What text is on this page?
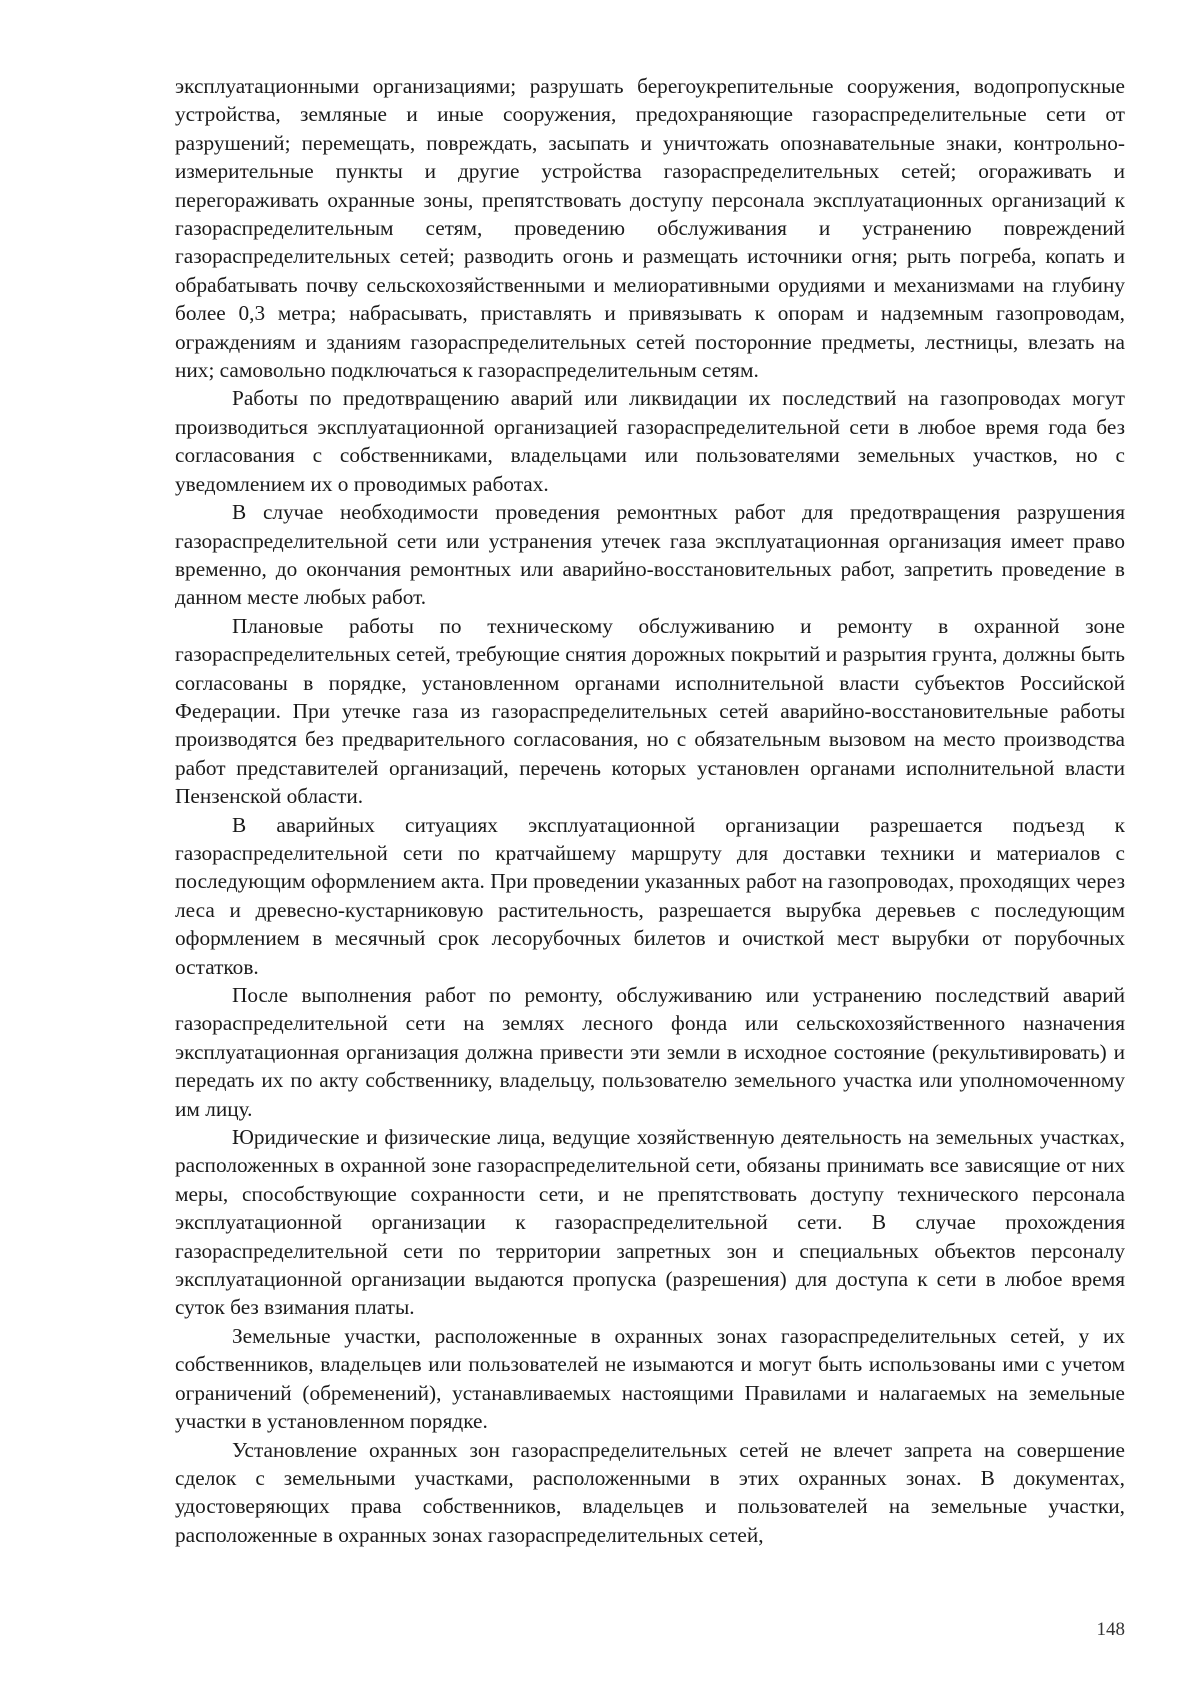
эксплуатационными организациями; разрушать берегоукрепительные сооружения, водопропускные устройства, земляные и иные сооружения, предохраняющие газораспределительные сети от разрушений; перемещать, повреждать, засыпать и уничтожать опознавательные знаки, контрольно-измерительные пункты и другие устройства газораспределительных сетей; огораживать и перегораживать охранные зоны, препятствовать доступу персонала эксплуатационных организаций к газораспределительным сетям, проведению обслуживания и устранению повреждений газораспределительных сетей; разводить огонь и размещать источники огня; рыть погреба, копать и обрабатывать почву сельскохозяйственными и мелиоративными орудиями и механизмами на глубину более 0,3 метра; набрасывать, приставлять и привязывать к опорам и надземным газопроводам, ограждениям и зданиям газораспределительных сетей посторонние предметы, лестницы, влезать на них; самовольно подключаться к газораспределительным сетям.

Работы по предотвращению аварий или ликвидации их последствий на газопроводах могут производиться эксплуатационной организацией газораспределительной сети в любое время года без согласования с собственниками, владельцами или пользователями земельных участков, но с уведомлением их о проводимых работах.

В случае необходимости проведения ремонтных работ для предотвращения разрушения газораспределительной сети или устранения утечек газа эксплуатационная организация имеет право временно, до окончания ремонтных или аварийно-восстановительных работ, запретить проведение в данном месте любых работ.

Плановые работы по техническому обслуживанию и ремонту в охранной зоне газораспределительных сетей, требующие снятия дорожных покрытий и разрытия грунта, должны быть согласованы в порядке, установленном органами исполнительной власти субъектов Российской Федерации. При утечке газа из газораспределительных сетей аварийно-восстановительные работы производятся без предварительного согласования, но с обязательным вызовом на место производства работ представителей организаций, перечень которых установлен органами исполнительной власти Пензенской области.

В аварийных ситуациях эксплуатационной организации разрешается подъезд к газораспределительной сети по кратчайшему маршруту для доставки техники и материалов с последующим оформлением акта. При проведении указанных работ на газопроводах, проходящих через леса и древесно-кустарниковую растительность, разрешается вырубка деревьев с последующим оформлением в месячный срок лесорубочных билетов и очисткой мест вырубки от порубочных остатков.

После выполнения работ по ремонту, обслуживанию или устранению последствий аварий газораспределительной сети на землях лесного фонда или сельскохозяйственного назначения эксплуатационная организация должна привести эти земли в исходное состояние (рекультивировать) и передать их по акту собственнику, владельцу, пользователю земельного участка или уполномоченному им лицу.

Юридические и физические лица, ведущие хозяйственную деятельность на земельных участках, расположенных в охранной зоне газораспределительной сети, обязаны принимать все зависящие от них меры, способствующие сохранности сети, и не препятствовать доступу технического персонала эксплуатационной организации к газораспределительной сети. В случае прохождения газораспределительной сети по территории запретных зон и специальных объектов персоналу эксплуатационной организации выдаются пропуска (разрешения) для доступа к сети в любое время суток без взимания платы.

Земельные участки, расположенные в охранных зонах газораспределительных сетей, у их собственников, владельцев или пользователей не изымаются и могут быть использованы ими с учетом ограничений (обременений), устанавливаемых настоящими Правилами и налагаемых на земельные участки в установленном порядке.

Установление охранных зон газораспределительных сетей не влечет запрета на совершение сделок с земельными участками, расположенными в этих охранных зонах. В документах, удостоверяющих права собственников, владельцев и пользователей на земельные участки, расположенные в охранных зонах газораспределительных сетей,

148
